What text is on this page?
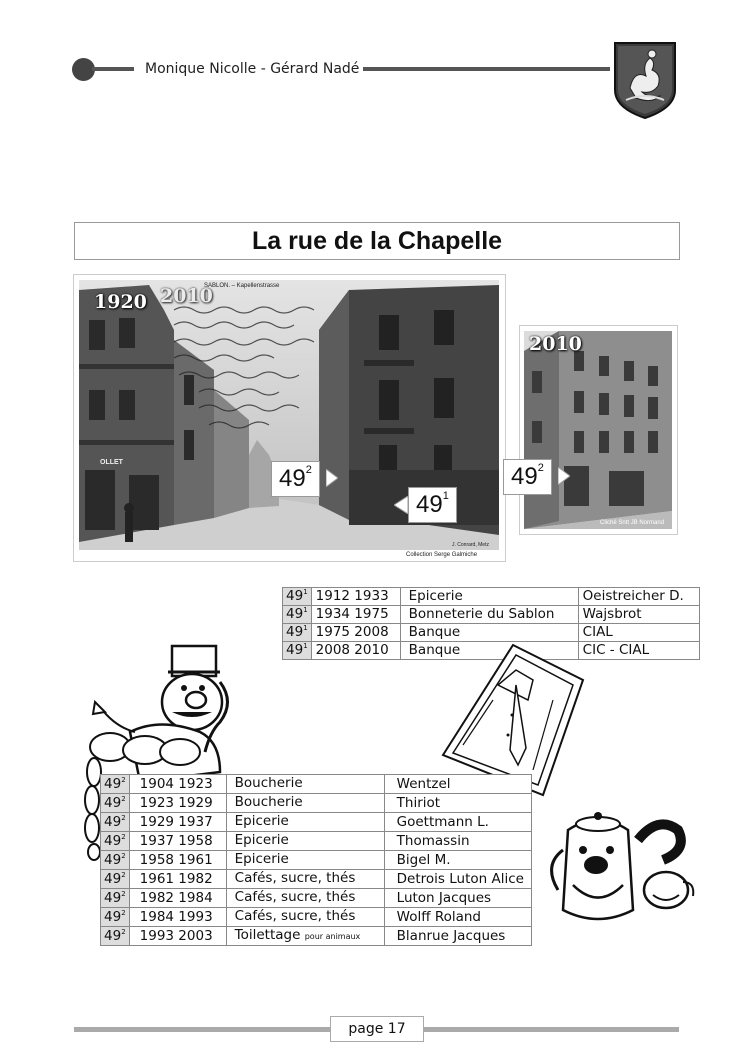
Monique Nicolle - Gérard Nadé
La rue de la Chapelle
1920 2010
SABLON. – Kapellenstrasse
OLLET
J. Conrard, Metz
$49^2$
$49^1$
Collection Serge Galmiche
2010
$49^2$
Cliché Sntt JB Normand
$49^1$	1912 1933	Epicerie	Oeistreicher D.
$49^1$	1934 1975	Bonneterie du Sablon	Wajsbrot
$49^1$	1975 2008	Banque	CIAL
$49^1$	2008 2010	Banque	CIC - CIAL
$49^2$	1904 1923	Boucherie	Wentzel
$49^2$	1923 1929	Boucherie	Thiriot
$49^2$	1929 1937	Epicerie	Goettmann L.
$49^2$	1937 1958	Epicerie	Thomassin
$49^2$	1958 1961	Epicerie	Bigel M.
$49^2$	1961 1982	Cafés, sucre, thés	Detrois Luton Alice
$49^2$	1982 1984	Cafés, sucre, thés	Luton Jacques
$49^2$	1984 1993	Cafés, sucre, thés	Wolff Roland
$49^2$	1993 2003	Toilettage pour animaux	Blanrue Jacques
page 17
